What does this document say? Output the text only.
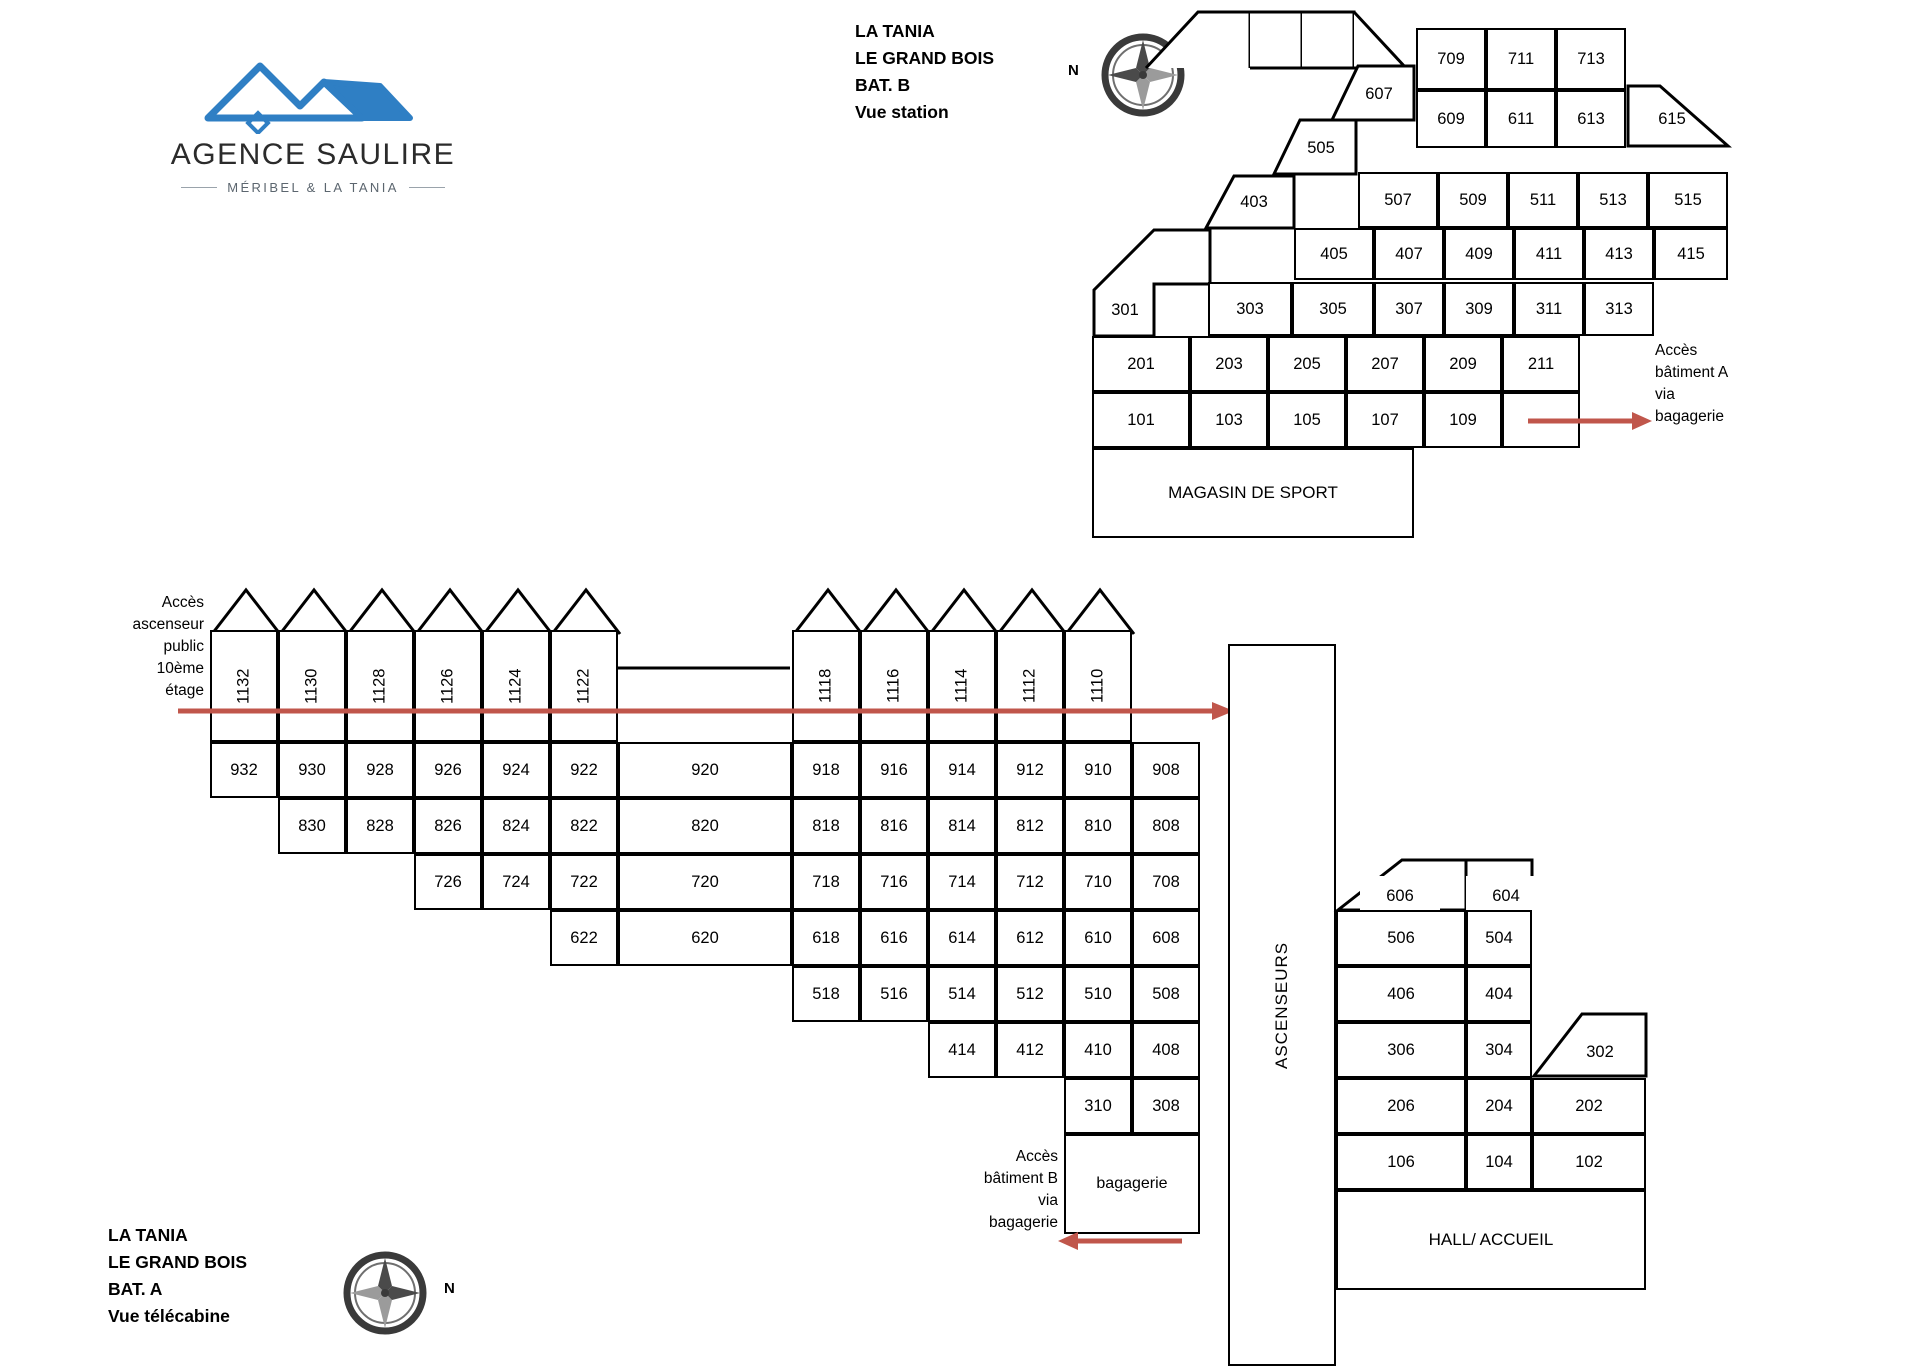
AGENCE SAULIRE
MÉRIBEL & LA TANIA
LA TANIA
LE GRAND BOIS
BAT. B
Vue station
N
709	711	713
607
609	611	613	615
505
507	509	511	513	515
403
405	407	409	411	413	415
301	303	305	307	309	311	313
201	203	205	207	209	211
101	103	105	107	109
MAGASIN DE SPORT
Accès
bâtiment A
via
bagagerie
LA TANIA
LE GRAND BOIS
BAT. A
Vue télécabine
N
1132	1130	1128	1126	1124	1122	1118	1116	1114	1112	1110
Accès
ascenseur
public
10ème
étage
932	930	928	926	924	922	920	918	916	914	912	910	908
830	828	826	824	822	820	818	816	814	812	810	808
726	724	722	720	718	716	714	712	710	708
622	620	618	616	614	612	610	608
518	516	514	512	510	508
414	412	410	408
310	308
bagagerie
Accès
bâtiment B
via
bagagerie
ASCENSEURS
606	604
506	504
406	404
302
306	304
206	204	202
106	104	102
HALL/ ACCUEIL
